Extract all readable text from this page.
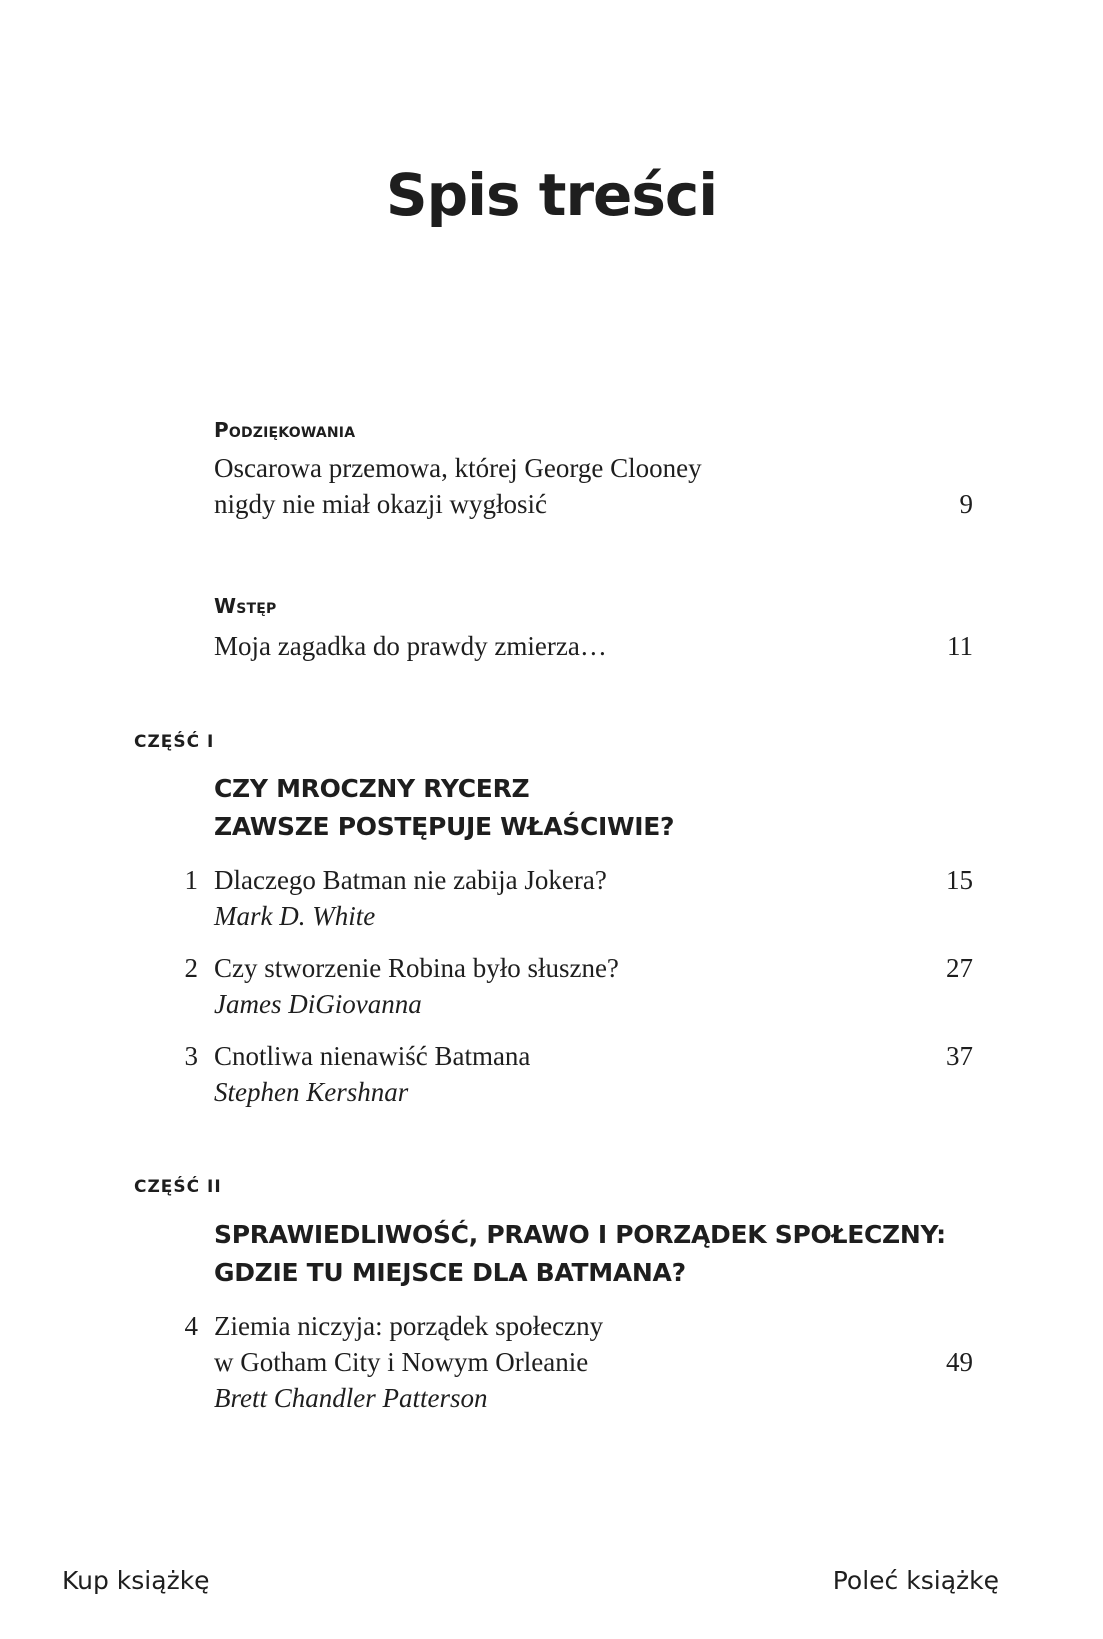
Spis treści
Podziękowania
Oscarowa przemowa, której George Clooney
nigdy nie miał okazji wygłosić	9
Wstęp
Moja zagadka do prawdy zmierza…	11
CZĘŚĆ I
CZY MROCZNY RYCERZ
ZAWSZE POSTĘPUJE WŁAŚCIWIE?
1 Dlaczego Batman nie zabija Jokera?	15
Mark D. White
2 Czy stworzenie Robina było słuszne?	27
James DiGiovanna
3 Cnotliwa nienawiść Batmana	37
Stephen Kershnar
CZĘŚĆ II
SPRAWIEDLIWOŚĆ, PRAWO I PORZĄDEK SPOŁECZNY:
GDZIE TU MIEJSCE DLA BATMANA?
4 Ziemia niczyja: porządek społeczny
w Gotham City i Nowym Orleanie	49
Brett Chandler Patterson
Kup książkę	Poleć książkę
